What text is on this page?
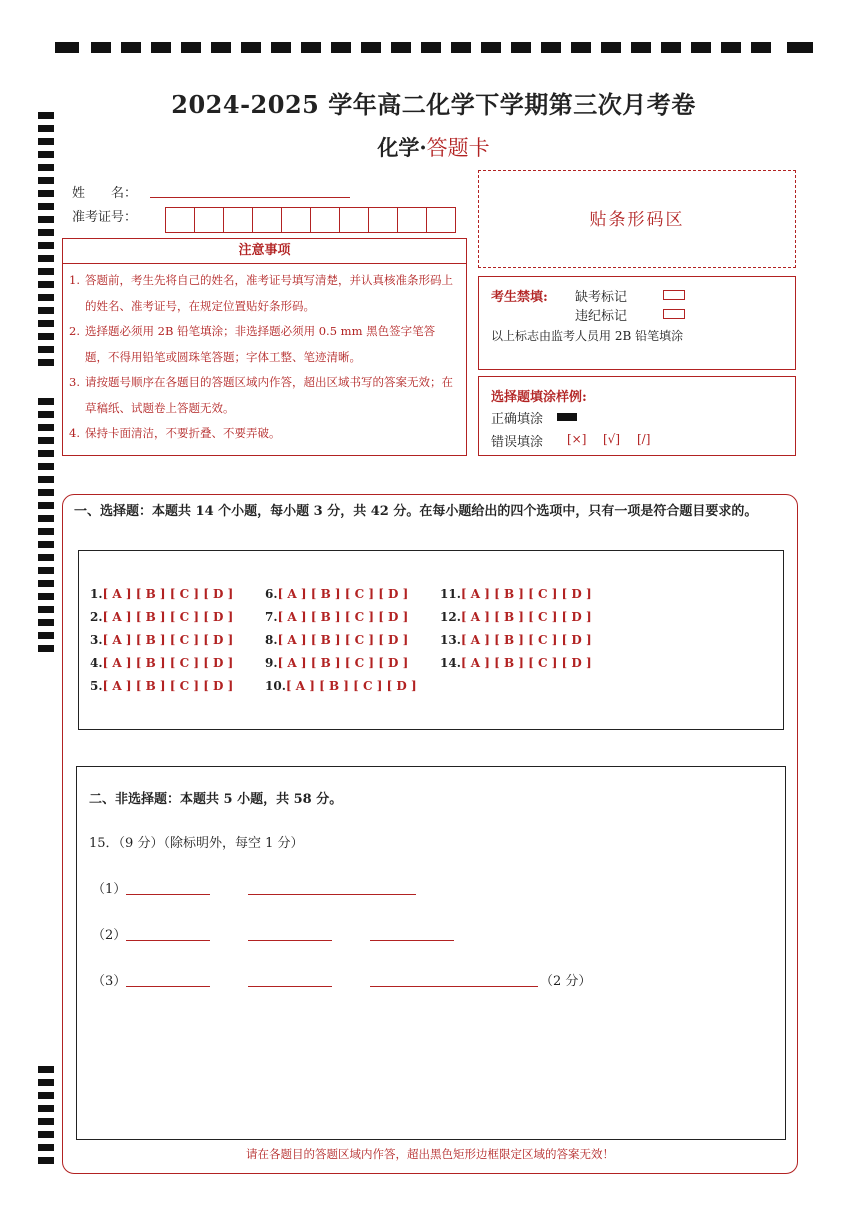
2024-2025 学年高二化学下学期第三次月考卷
化学·答题卡
姓　　名：
准考证号：	贴条形码区
注意事项
1. 答题前，考生先将自己的姓名，准考证号填写清楚，并认真核准条形码上的姓名、准考证号，在规定位置贴好条形码。
2. 选择题必须用 2B 铅笔填涂；非选择题必须用 0.5 mm 黑色签字笔答题，不得用铅笔或圆珠笔答题；字体工整、笔迹清晰。
3. 请按题号顺序在各题目的答题区域内作答，超出区域书写的答案无效；在草稿纸、试题卷上答题无效。
4. 保持卡面清洁，不要折叠、不要弄破。
考生禁填: 缺考标记
违纪标记
以上标志由监考人员用 2B 铅笔填涂
选择题填涂样例:
正确填涂
错误填涂 [×] [√] [/]
一、选择题：本题共 14 个小题，每小题 3 分，共 42 分。在每小题给出的四个选项中，只有一项是符合题目要求的。
1.[ A ] [ B ] [ C ] [ D ]
2.[ A ] [ B ] [ C ] [ D ]
3.[ A ] [ B ] [ C ] [ D ]
4.[ A ] [ B ] [ C ] [ D ]
5.[ A ] [ B ] [ C ] [ D ]
6.[ A ] [ B ] [ C ] [ D ]
7.[ A ] [ B ] [ C ] [ D ]
8.[ A ] [ B ] [ C ] [ D ]
9.[ A ] [ B ] [ C ] [ D ]
10.[ A ] [ B ] [ C ] [ D ]
11.[ A ] [ B ] [ C ] [ D ]
12.[ A ] [ B ] [ C ] [ D ]
13.[ A ] [ B ] [ C ] [ D ]
14.[ A ] [ B ] [ C ] [ D ]
二、非选择题：本题共 5 小题，共 58 分。
15．（9 分）（除标明外，每空 1 分）
（1）
（2）
（3）	（2 分）
请在各题目的答题区域内作答，超出黑色矩形边框限定区域的答案无效！
